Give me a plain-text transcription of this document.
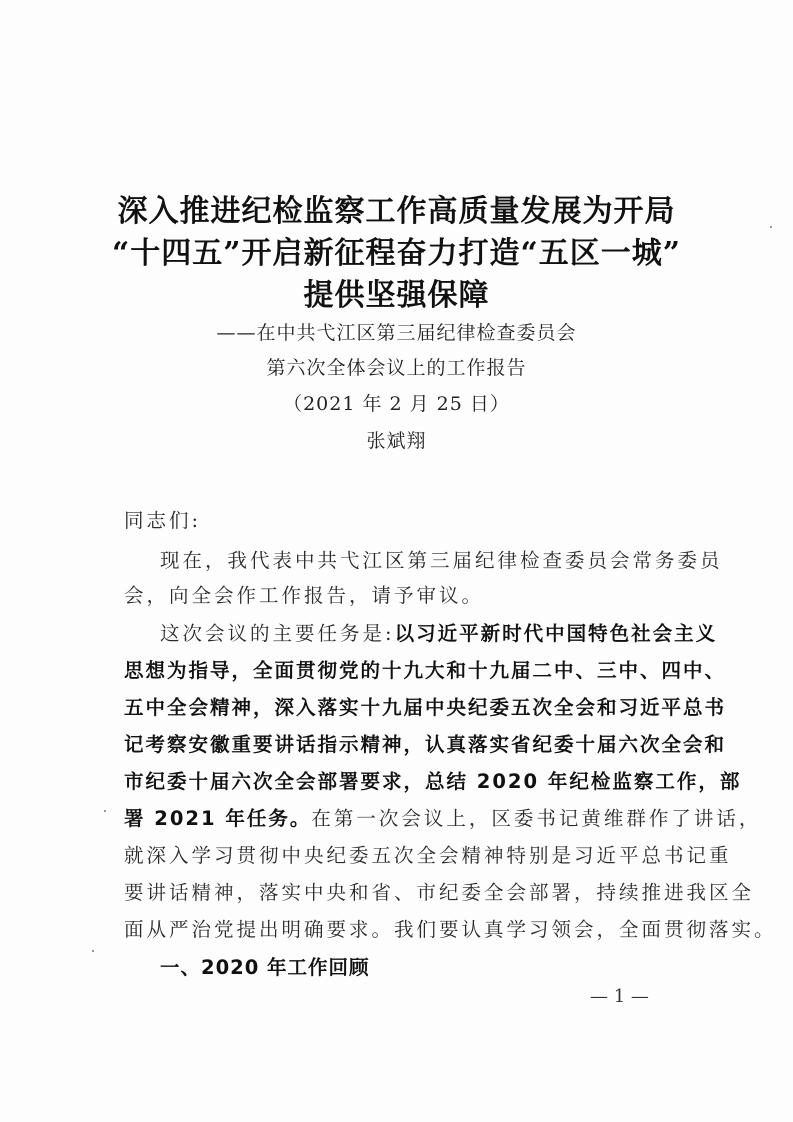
深入推进纪检监察工作高质量发展为开局
“十四五”开启新征程奋力打造“五区一城”
提供坚强保障
——在中共弋江区第三届纪律检查委员会
第六次全体会议上的工作报告
（2021 年 2 月 25 日）
张斌翔
同志们:
现在，我代表中共弋江区第三届纪律检查委员会常务委员
会，向全会作工作报告，请予审议。
这次会议的主要任务是:以习近平新时代中国特色社会主义
思想为指导，全面贯彻党的十九大和十九届二中、三中、四中、
五中全会精神，深入落实十九届中央纪委五次全会和习近平总书
记考察安徽重要讲话指示精神，认真落实省纪委十届六次全会和
市纪委十届六次全会部署要求，总结 2020 年纪检监察工作，部
署 2021 年任务。在第一次会议上，区委书记黄维群作了讲话，
就深入学习贯彻中央纪委五次全会精神特别是习近平总书记重
要讲话精神，落实中央和省、市纪委全会部署，持续推进我区全
面从严治党提出明确要求。我们要认真学习领会，全面贯彻落实。
一、2020 年工作回顾
— 1 —
